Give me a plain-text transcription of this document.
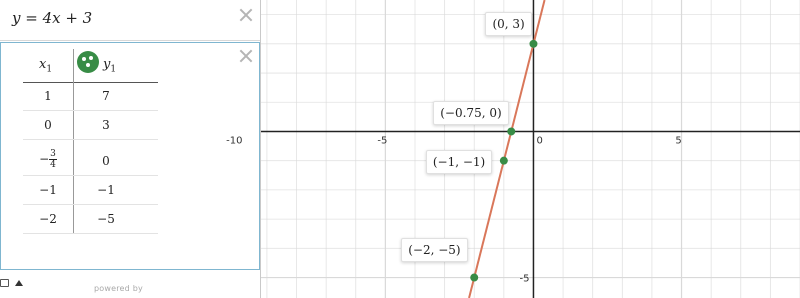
y = 4x + 3
$x_1$	$y_1$
1	7
0	3
− $\frac{3}{4}$	0
−1	−1
−2	−5
powered by
-10	-5	0	5
-5
(0, 3)
(−0.75, 0)
(−1, −1)
(−2, −5)
